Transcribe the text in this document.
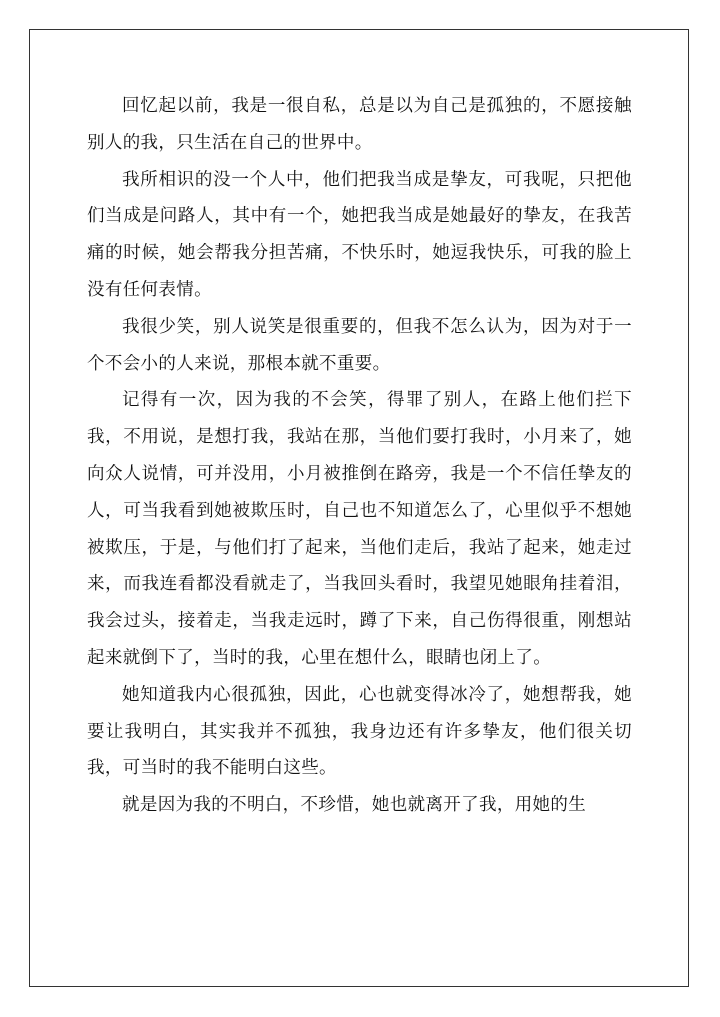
回忆起以前，我是一很自私，总是以为自己是孤独的，不愿接触别人的我，只生活在自己的世界中。

我所相识的没一个人中，他们把我当成是挚友，可我呢，只把他们当成是问路人，其中有一个，她把我当成是她最好的挚友，在我苦痛的时候，她会帮我分担苦痛，不快乐时，她逗我快乐，可我的脸上没有任何表情。

我很少笑，别人说笑是很重要的，但我不怎么认为，因为对于一个不会小的人来说，那根本就不重要。

记得有一次，因为我的不会笑，得罪了别人，在路上他们拦下我，不用说，是想打我，我站在那，当他们要打我时，小月来了，她向众人说情，可并没用，小月被推倒在路旁，我是一个不信任挚友的人，可当我看到她被欺压时，自己也不知道怎么了，心里似乎不想她被欺压，于是，与他们打了起来，当他们走后，我站了起来，她走过来，而我连看都没看就走了，当我回头看时，我望见她眼角挂着泪，我会过头，接着走，当我走远时，蹲了下来，自己伤得很重，刚想站起来就倒下了，当时的我，心里在想什么，眼睛也闭上了。

她知道我内心很孤独，因此，心也就变得冰冷了，她想帮我，她要让我明白，其实我并不孤独，我身边还有许多挚友，他们很关切我，可当时的我不能明白这些。

就是因为我的不明白，不珍惜，她也就离开了我，用她的生
